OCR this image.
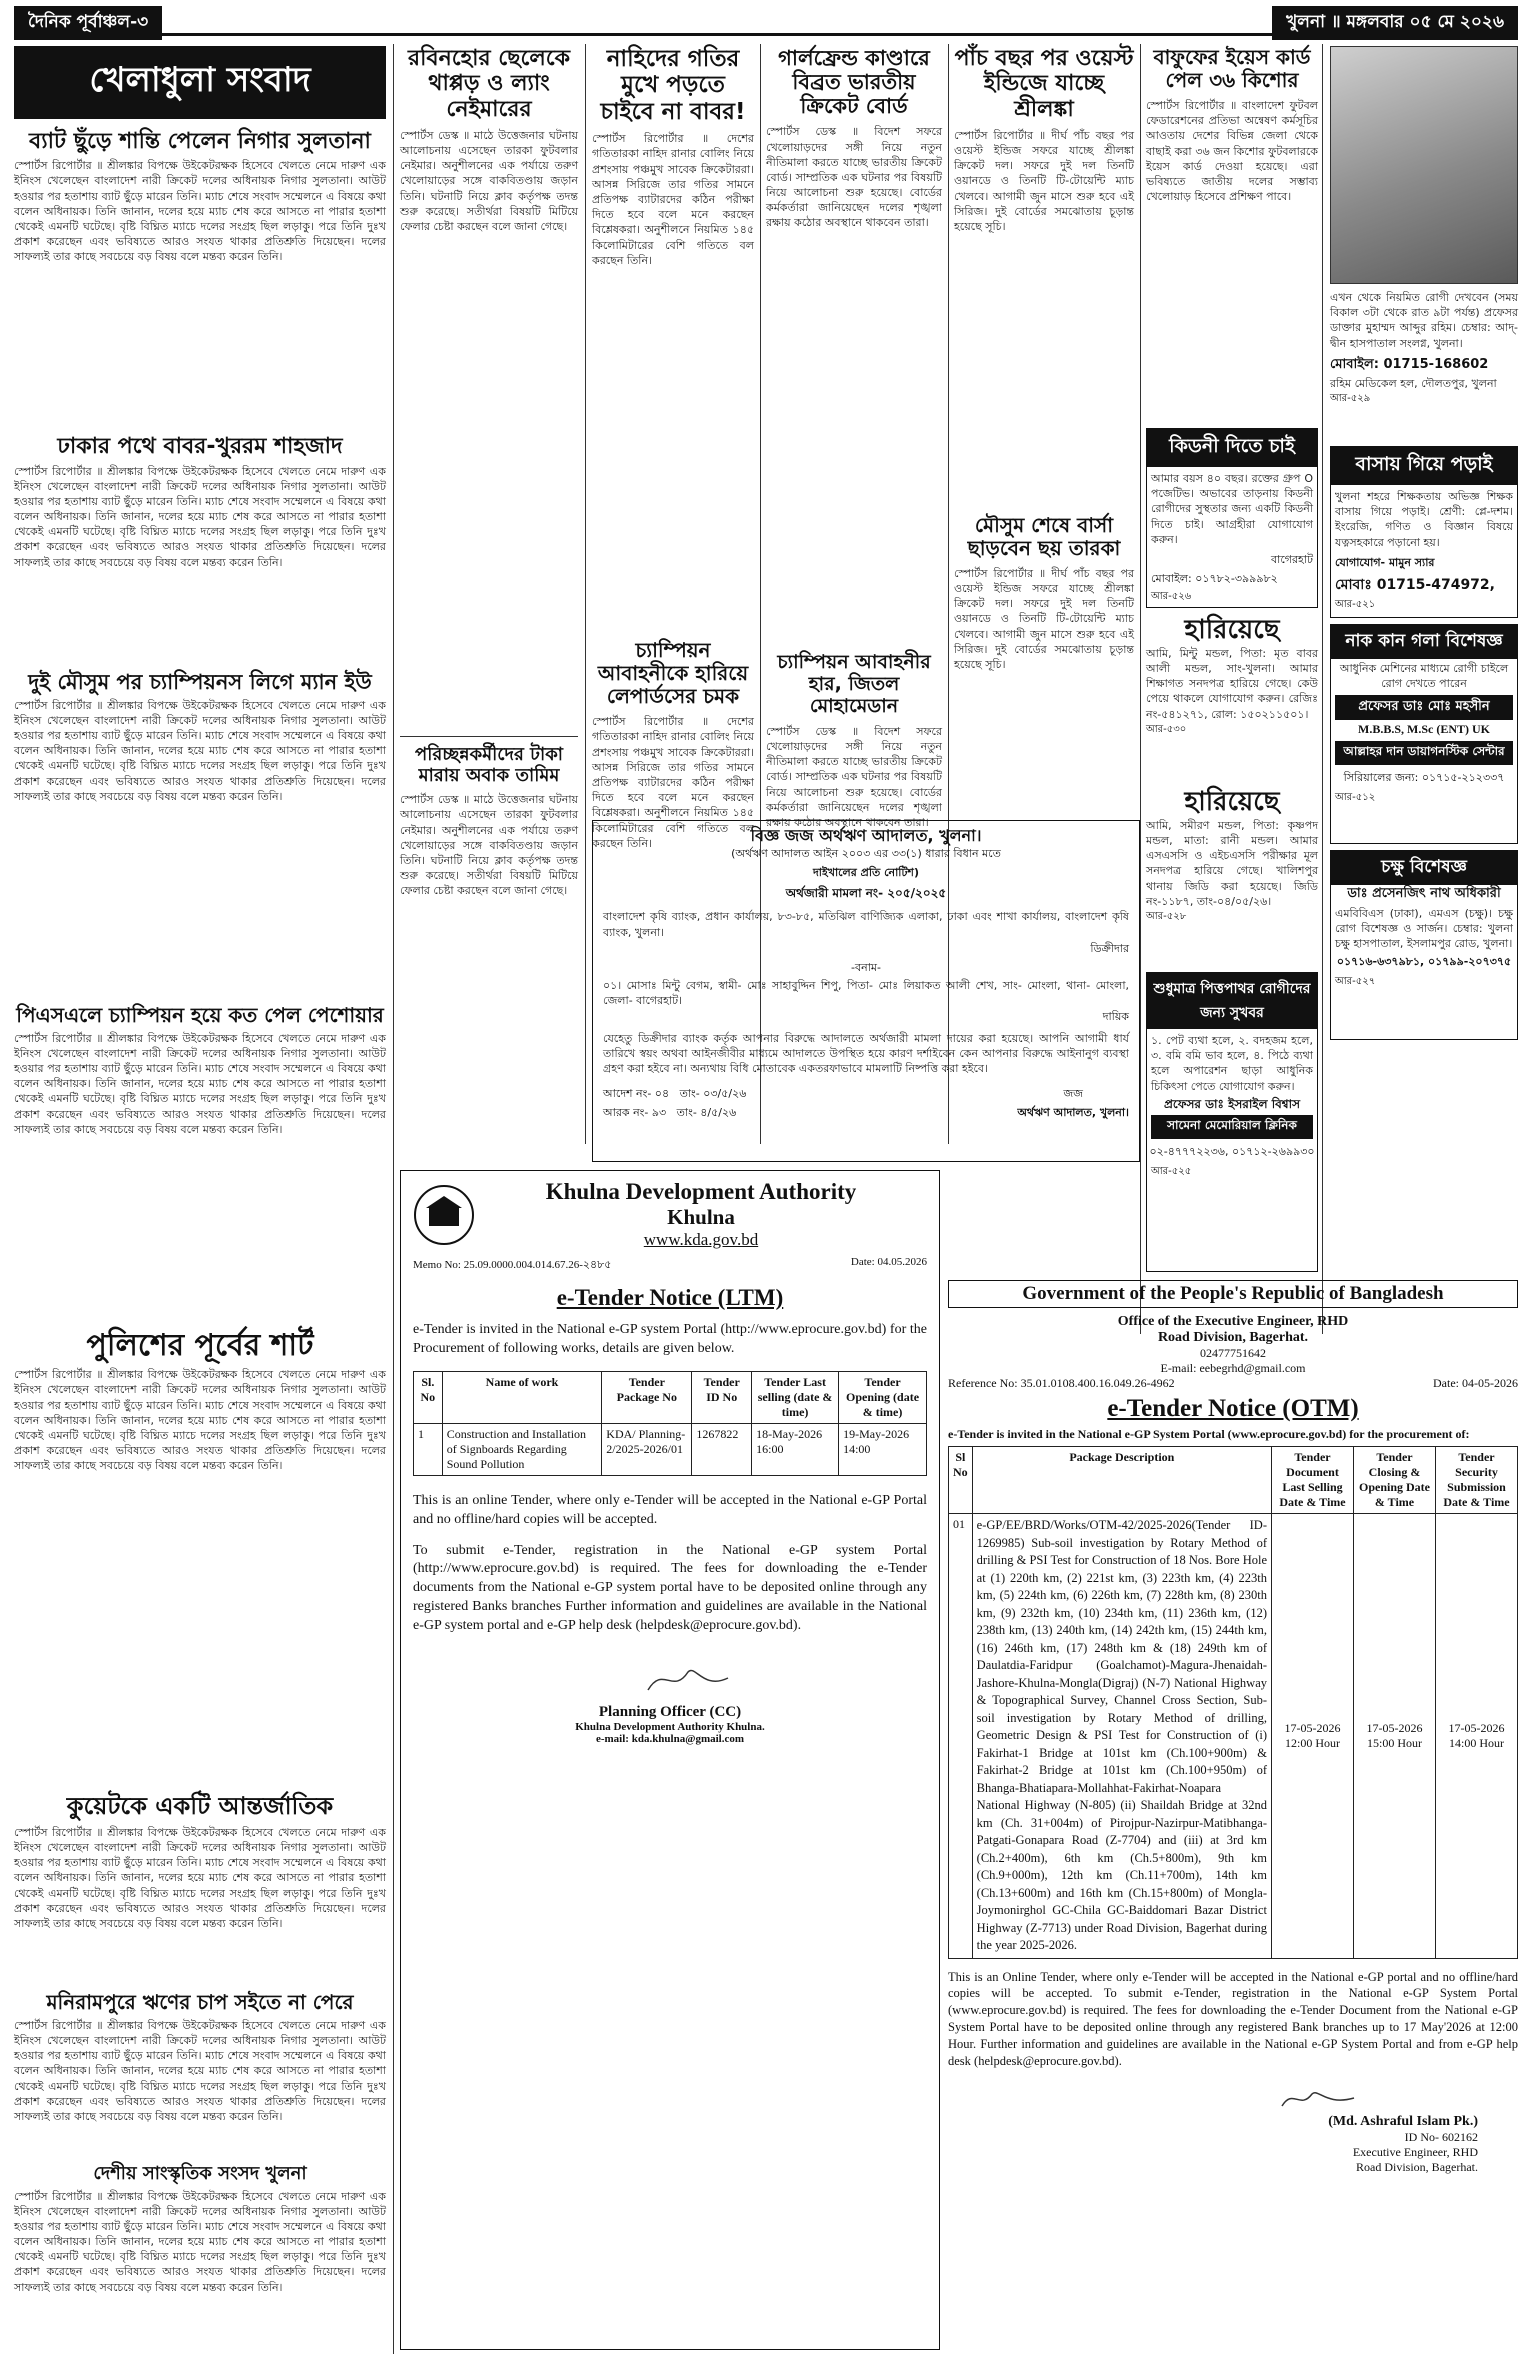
দৈনিক পূর্বাঞ্চল-৩	খুলনা ॥ মঙ্গলবার ০৫ মে ২০২৬
খেলাধুলা সংবাদ
ব্যাট ছুঁড়ে শান্তি পেলেন নিগার সুলতানা
স্পোর্টস রিপোর্টার ॥ শ্রীলঙ্কার বিপক্ষে উইকেটরক্ষক হিসেবে খেলতে নেমে দারুণ এক ইনিংস খেলেছেন বাংলাদেশ নারী ক্রিকেট দলের অধিনায়ক নিগার সুলতানা। আউট হওয়ার পর হতাশায় ব্যাট ছুঁড়ে মারেন তিনি। ম্যাচ শেষে সংবাদ সম্মেলনে এ বিষয়ে কথা বলেন অধিনায়ক। তিনি জানান, দলের হয়ে ম্যাচ শেষ করে আসতে না পারার হতাশা থেকেই এমনটি ঘটেছে। বৃষ্টি বিঘ্নিত ম্যাচে দলের সংগ্রহ ছিল লড়াকু। পরে তিনি দুঃখ প্রকাশ করেছেন এবং ভবিষ্যতে আরও সংযত থাকার প্রতিশ্রুতি দিয়েছেন। দলের সাফল্যই তার কাছে সবচেয়ে বড় বিষয় বলে মন্তব্য করেন তিনি।
ঢাকার পথে বাবর-খুররম শাহজাদ
স্পোর্টস রিপোর্টার ॥ শ্রীলঙ্কার বিপক্ষে উইকেটরক্ষক হিসেবে খেলতে নেমে দারুণ এক ইনিংস খেলেছেন বাংলাদেশ নারী ক্রিকেট দলের অধিনায়ক নিগার সুলতানা। আউট হওয়ার পর হতাশায় ব্যাট ছুঁড়ে মারেন তিনি। ম্যাচ শেষে সংবাদ সম্মেলনে এ বিষয়ে কথা বলেন অধিনায়ক। তিনি জানান, দলের হয়ে ম্যাচ শেষ করে আসতে না পারার হতাশা থেকেই এমনটি ঘটেছে। বৃষ্টি বিঘ্নিত ম্যাচে দলের সংগ্রহ ছিল লড়াকু। পরে তিনি দুঃখ প্রকাশ করেছেন এবং ভবিষ্যতে আরও সংযত থাকার প্রতিশ্রুতি দিয়েছেন। দলের সাফল্যই তার কাছে সবচেয়ে বড় বিষয় বলে মন্তব্য করেন তিনি।
দুই মৌসুম পর চ্যাম্পিয়নস লিগে ম্যান ইউ
স্পোর্টস রিপোর্টার ॥ শ্রীলঙ্কার বিপক্ষে উইকেটরক্ষক হিসেবে খেলতে নেমে দারুণ এক ইনিংস খেলেছেন বাংলাদেশ নারী ক্রিকেট দলের অধিনায়ক নিগার সুলতানা। আউট হওয়ার পর হতাশায় ব্যাট ছুঁড়ে মারেন তিনি। ম্যাচ শেষে সংবাদ সম্মেলনে এ বিষয়ে কথা বলেন অধিনায়ক। তিনি জানান, দলের হয়ে ম্যাচ শেষ করে আসতে না পারার হতাশা থেকেই এমনটি ঘটেছে। বৃষ্টি বিঘ্নিত ম্যাচে দলের সংগ্রহ ছিল লড়াকু। পরে তিনি দুঃখ প্রকাশ করেছেন এবং ভবিষ্যতে আরও সংযত থাকার প্রতিশ্রুতি দিয়েছেন। দলের সাফল্যই তার কাছে সবচেয়ে বড় বিষয় বলে মন্তব্য করেন তিনি।
পিএসএলে চ্যাম্পিয়ন হয়ে কত পেল পেশোয়ার
স্পোর্টস রিপোর্টার ॥ শ্রীলঙ্কার বিপক্ষে উইকেটরক্ষক হিসেবে খেলতে নেমে দারুণ এক ইনিংস খেলেছেন বাংলাদেশ নারী ক্রিকেট দলের অধিনায়ক নিগার সুলতানা। আউট হওয়ার পর হতাশায় ব্যাট ছুঁড়ে মারেন তিনি। ম্যাচ শেষে সংবাদ সম্মেলনে এ বিষয়ে কথা বলেন অধিনায়ক। তিনি জানান, দলের হয়ে ম্যাচ শেষ করে আসতে না পারার হতাশা থেকেই এমনটি ঘটেছে। বৃষ্টি বিঘ্নিত ম্যাচে দলের সংগ্রহ ছিল লড়াকু। পরে তিনি দুঃখ প্রকাশ করেছেন এবং ভবিষ্যতে আরও সংযত থাকার প্রতিশ্রুতি দিয়েছেন। দলের সাফল্যই তার কাছে সবচেয়ে বড় বিষয় বলে মন্তব্য করেন তিনি।
পুলিশের পূর্বের শার্ট
স্পোর্টস রিপোর্টার ॥ শ্রীলঙ্কার বিপক্ষে উইকেটরক্ষক হিসেবে খেলতে নেমে দারুণ এক ইনিংস খেলেছেন বাংলাদেশ নারী ক্রিকেট দলের অধিনায়ক নিগার সুলতানা। আউট হওয়ার পর হতাশায় ব্যাট ছুঁড়ে মারেন তিনি। ম্যাচ শেষে সংবাদ সম্মেলনে এ বিষয়ে কথা বলেন অধিনায়ক। তিনি জানান, দলের হয়ে ম্যাচ শেষ করে আসতে না পারার হতাশা থেকেই এমনটি ঘটেছে। বৃষ্টি বিঘ্নিত ম্যাচে দলের সংগ্রহ ছিল লড়াকু। পরে তিনি দুঃখ প্রকাশ করেছেন এবং ভবিষ্যতে আরও সংযত থাকার প্রতিশ্রুতি দিয়েছেন। দলের সাফল্যই তার কাছে সবচেয়ে বড় বিষয় বলে মন্তব্য করেন তিনি।
কুয়েটকে একটি আন্তর্জাতিক
স্পোর্টস রিপোর্টার ॥ শ্রীলঙ্কার বিপক্ষে উইকেটরক্ষক হিসেবে খেলতে নেমে দারুণ এক ইনিংস খেলেছেন বাংলাদেশ নারী ক্রিকেট দলের অধিনায়ক নিগার সুলতানা। আউট হওয়ার পর হতাশায় ব্যাট ছুঁড়ে মারেন তিনি। ম্যাচ শেষে সংবাদ সম্মেলনে এ বিষয়ে কথা বলেন অধিনায়ক। তিনি জানান, দলের হয়ে ম্যাচ শেষ করে আসতে না পারার হতাশা থেকেই এমনটি ঘটেছে। বৃষ্টি বিঘ্নিত ম্যাচে দলের সংগ্রহ ছিল লড়াকু। পরে তিনি দুঃখ প্রকাশ করেছেন এবং ভবিষ্যতে আরও সংযত থাকার প্রতিশ্রুতি দিয়েছেন। দলের সাফল্যই তার কাছে সবচেয়ে বড় বিষয় বলে মন্তব্য করেন তিনি।
মনিরামপুরে ঋণের চাপ সইতে না পেরে
স্পোর্টস রিপোর্টার ॥ শ্রীলঙ্কার বিপক্ষে উইকেটরক্ষক হিসেবে খেলতে নেমে দারুণ এক ইনিংস খেলেছেন বাংলাদেশ নারী ক্রিকেট দলের অধিনায়ক নিগার সুলতানা। আউট হওয়ার পর হতাশায় ব্যাট ছুঁড়ে মারেন তিনি। ম্যাচ শেষে সংবাদ সম্মেলনে এ বিষয়ে কথা বলেন অধিনায়ক। তিনি জানান, দলের হয়ে ম্যাচ শেষ করে আসতে না পারার হতাশা থেকেই এমনটি ঘটেছে। বৃষ্টি বিঘ্নিত ম্যাচে দলের সংগ্রহ ছিল লড়াকু। পরে তিনি দুঃখ প্রকাশ করেছেন এবং ভবিষ্যতে আরও সংযত থাকার প্রতিশ্রুতি দিয়েছেন। দলের সাফল্যই তার কাছে সবচেয়ে বড় বিষয় বলে মন্তব্য করেন তিনি।
দেশীয় সাংস্কৃতিক সংসদ খুলনা
স্পোর্টস রিপোর্টার ॥ শ্রীলঙ্কার বিপক্ষে উইকেটরক্ষক হিসেবে খেলতে নেমে দারুণ এক ইনিংস খেলেছেন বাংলাদেশ নারী ক্রিকেট দলের অধিনায়ক নিগার সুলতানা। আউট হওয়ার পর হতাশায় ব্যাট ছুঁড়ে মারেন তিনি। ম্যাচ শেষে সংবাদ সম্মেলনে এ বিষয়ে কথা বলেন অধিনায়ক। তিনি জানান, দলের হয়ে ম্যাচ শেষ করে আসতে না পারার হতাশা থেকেই এমনটি ঘটেছে। বৃষ্টি বিঘ্নিত ম্যাচে দলের সংগ্রহ ছিল লড়াকু। পরে তিনি দুঃখ প্রকাশ করেছেন এবং ভবিষ্যতে আরও সংযত থাকার প্রতিশ্রুতি দিয়েছেন। দলের সাফল্যই তার কাছে সবচেয়ে বড় বিষয় বলে মন্তব্য করেন তিনি।
রবিনহোর ছেলেকে থাপ্পড় ও ল্যাং নেইমারের
স্পোর্টস ডেস্ক ॥ মাঠে উত্তেজনার ঘটনায় আলোচনায় এসেছেন তারকা ফুটবলার নেইমার। অনুশীলনের এক পর্যায়ে তরুণ খেলোয়াড়ের সঙ্গে বাকবিতণ্ডায় জড়ান তিনি। ঘটনাটি নিয়ে ক্লাব কর্তৃপক্ষ তদন্ত শুরু করেছে। সতীর্থরা বিষয়টি মিটিয়ে ফেলার চেষ্টা করছেন বলে জানা গেছে।
পরিচ্ছন্নকর্মীদের টাকা মারায় অবাক তামিম
স্পোর্টস ডেস্ক ॥ মাঠে উত্তেজনার ঘটনায় আলোচনায় এসেছেন তারকা ফুটবলার নেইমার। অনুশীলনের এক পর্যায়ে তরুণ খেলোয়াড়ের সঙ্গে বাকবিতণ্ডায় জড়ান তিনি। ঘটনাটি নিয়ে ক্লাব কর্তৃপক্ষ তদন্ত শুরু করেছে। সতীর্থরা বিষয়টি মিটিয়ে ফেলার চেষ্টা করছেন বলে জানা গেছে।
নাহিদের গতির মুখে পড়তে চাইবে না বাবর!
স্পোর্টস রিপোর্টার ॥ দেশের গতিতারকা নাহিদ রানার বোলিং নিয়ে প্রশংসায় পঞ্চমুখ সাবেক ক্রিকেটাররা। আসন্ন সিরিজে তার গতির সামনে প্রতিপক্ষ ব্যাটারদের কঠিন পরীক্ষা দিতে হবে বলে মনে করছেন বিশ্লেষকরা। অনুশীলনে নিয়মিত ১৪৫ কিলোমিটারের বেশি গতিতে বল করছেন তিনি।
চ্যাম্পিয়ন আবাহনীকে হারিয়ে লেপার্ডসের চমক
স্পোর্টস রিপোর্টার ॥ দেশের গতিতারকা নাহিদ রানার বোলিং নিয়ে প্রশংসায় পঞ্চমুখ সাবেক ক্রিকেটাররা। আসন্ন সিরিজে তার গতির সামনে প্রতিপক্ষ ব্যাটারদের কঠিন পরীক্ষা দিতে হবে বলে মনে করছেন বিশ্লেষকরা। অনুশীলনে নিয়মিত ১৪৫ কিলোমিটারের বেশি গতিতে বল করছেন তিনি।
গার্লফ্রেন্ড কাণ্ডারে বিব্রত ভারতীয় ক্রিকেট বোর্ড
স্পোর্টস ডেস্ক ॥ বিদেশ সফরে খেলোয়াড়দের সঙ্গী নিয়ে নতুন নীতিমালা করতে যাচ্ছে ভারতীয় ক্রিকেট বোর্ড। সাম্প্রতিক এক ঘটনার পর বিষয়টি নিয়ে আলোচনা শুরু হয়েছে। বোর্ডের কর্মকর্তারা জানিয়েছেন দলের শৃঙ্খলা রক্ষায় কঠোর অবস্থানে থাকবেন তারা।
চ্যাম্পিয়ন আবাহনীর হার, জিতল মোহামেডান
স্পোর্টস ডেস্ক ॥ বিদেশ সফরে খেলোয়াড়দের সঙ্গী নিয়ে নতুন নীতিমালা করতে যাচ্ছে ভারতীয় ক্রিকেট বোর্ড। সাম্প্রতিক এক ঘটনার পর বিষয়টি নিয়ে আলোচনা শুরু হয়েছে। বোর্ডের কর্মকর্তারা জানিয়েছেন দলের শৃঙ্খলা রক্ষায় কঠোর অবস্থানে থাকবেন তারা।
বিজ্ঞ জজ অর্থঋণ আদালত, খুলনা।
(অর্থঋণ আদালত আইন ২০০৩ এর ৩৩(১) ধারার বিধান মতে
দাইখালের প্রতি নোটিশ)
অর্থজারী মামলা নং- ২০৫/২০২৫
বাংলাদেশ কৃষি ব্যাংক, প্রধান কার্যালয়, ৮৩-৮৫, মতিঝিল বাণিজ্যিক এলাকা, ঢাকা এবং শাখা কার্যালয়, বাংলাদেশ কৃষি ব্যাংক, খুলনা।
ডিক্রীদার
-বনাম-
০১। মোসাঃ মিন্টু বেগম, স্বামী- মোঃ সাহাবুদ্দিন শিপু, পিতা- মোঃ লিয়াকত আলী শেখ, সাং- মোংলা, থানা- মোংলা, জেলা- বাগেরহাট।
দায়িক
যেহেতু ডিক্রীদার ব্যাংক কর্তৃক আপনার বিরুদ্ধে আদালতে অর্থজারী মামলা দায়ের করা হয়েছে। আপনি আগামী ধার্য তারিখে স্বয়ং অথবা আইনজীবীর মাধ্যমে আদালতে উপস্থিত হয়ে কারণ দর্শাইবেন কেন আপনার বিরুদ্ধে আইনানুগ ব্যবস্থা গ্রহণ করা হইবে না। অন্যথায় বিধি মোতাবেক একতরফাভাবে মামলাটি নিষ্পত্তি করা হইবে।
আদেশ নং- ০৪ তাং- ০৩/৫/২৬
আরক নং- ৯৩ তাং- ৪/৫/২৬
জজ
অর্থঋণ আদালত, খুলনা।
পাঁচ বছর পর ওয়েস্ট ইন্ডিজে যাচ্ছে শ্রীলঙ্কা
স্পোর্টস রিপোর্টার ॥ দীর্ঘ পাঁচ বছর পর ওয়েস্ট ইন্ডিজ সফরে যাচ্ছে শ্রীলঙ্কা ক্রিকেট দল। সফরে দুই দল তিনটি ওয়ানডে ও তিনটি টি-টোয়েন্টি ম্যাচ খেলবে। আগামী জুন মাসে শুরু হবে এই সিরিজ। দুই বোর্ডের সমঝোতায় চূড়ান্ত হয়েছে সূচি।
মৌসুম শেষে বার্সা ছাড়বেন ছয় তারকা
স্পোর্টস রিপোর্টার ॥ দীর্ঘ পাঁচ বছর পর ওয়েস্ট ইন্ডিজ সফরে যাচ্ছে শ্রীলঙ্কা ক্রিকেট দল। সফরে দুই দল তিনটি ওয়ানডে ও তিনটি টি-টোয়েন্টি ম্যাচ খেলবে। আগামী জুন মাসে শুরু হবে এই সিরিজ। দুই বোর্ডের সমঝোতায় চূড়ান্ত হয়েছে সূচি।
বাফুফের ইয়েস কার্ড পেল ৩৬ কিশোর
স্পোর্টস রিপোর্টার ॥ বাংলাদেশ ফুটবল ফেডারেশনের প্রতিভা অন্বেষণ কর্মসূচির আওতায় দেশের বিভিন্ন জেলা থেকে বাছাই করা ৩৬ জন কিশোর ফুটবলারকে ইয়েস কার্ড দেওয়া হয়েছে। এরা ভবিষ্যতে জাতীয় দলের সম্ভাব্য খেলোয়াড় হিসেবে প্রশিক্ষণ পাবে।
কিডনী দিতে চাই
আমার বয়স ৪০ বছর। রক্তের গ্রুপ O পজেটিভ। অভাবের তাড়নায় কিডনী রোগীদের সুস্থতার জন্য একটি কিডনী দিতে চাই। আগ্রহীরা যোগাযোগ করুন।
বাগেরহাট
মোবাইল: ০১৭৮২-৩৯৯৯৮২
আর-৫২৬
হারিয়েছে
আমি, মিন্টু মন্ডল, পিতা: মৃত বাবর আলী মন্ডল, সাং-খুলনা। আমার শিক্ষাগত সনদপত্র হারিয়ে গেছে। কেউ পেয়ে থাকলে যোগাযোগ করুন। রেজিঃ নং-৫৪১২৭১, রোল: ১৫০২১১৫০১।
আর-৫৩০
হারিয়েছে
আমি, সমীরণ মন্ডল, পিতা: কৃষ্ণপদ মন্ডল, মাতা: রানী মন্ডল। আমার এসএসসি ও এইচএসসি পরীক্ষার মূল সনদপত্র হারিয়ে গেছে। খালিশপুর থানায় জিডি করা হয়েছে। জিডি নং-১১৮৭, তাং-০৪/০৫/২৬।
আর-৫২৮
শুধুমাত্র পিত্তপাথর রোগীদের জন্য সুখবর
১. পেট ব্যথা হলে, ২. বদহজম হলে, ৩. বমি বমি ভাব হলে, ৪. পিঠে ব্যথা হলে অপারেশন ছাড়া আধুনিক চিকিৎসা পেতে যোগাযোগ করুন।
প্রফেসর ডাঃ ইসরাইল বিশ্বাস
সামেনা মেমোরিয়াল ক্লিনিক
০২-৪৭৭৭২২৩৬, ০১৭১২-২৬৯৯৩০
আর-৫২৫
এখন থেকে নিয়মিত রোগী দেখবেন (সময় বিকাল ৩টা থেকে রাত ৯টা পর্যন্ত) প্রফেসর ডাক্তার মুহাম্মদ আব্দুর রহিম। চেম্বার: আদ্-দ্বীন হাসপাতাল সংলগ্ন, খুলনা।
মোবাইল: 01715-168602
রহিম মেডিকেল হল, দৌলতপুর, খুলনা
আর-৫২৯
বাসায় গিয়ে পড়াই
খুলনা শহরে শিক্ষকতায় অভিজ্ঞ শিক্ষক বাসায় গিয়ে পড়াই। শ্রেণী: প্লে-দশম। ইংরেজি, গণিত ও বিজ্ঞান বিষয়ে যত্নসহকারে পড়ানো হয়।
যোগাযোগ- মামুন স্যার
মোবাঃ 01715-474972,
আর-৫২১
নাক কান গলা বিশেষজ্ঞ
আধুনিক মেশিনের মাধ্যমে রোগী চাইলে রোগ দেখতে পারেন
প্রফেসর ডাঃ মোঃ মহসীন
M.B.B.S, M.Sc (ENT) UK
আল্লাহর দান ডায়াগনস্টিক সেন্টার
সিরিয়ালের জন্য: ০১৭১৫-২১২৩৩৭
আর-৫১২
চক্ষু বিশেষজ্ঞ
ডাঃ প্রসেনজিৎ নাথ অধিকারী
এমবিবিএস (ঢাকা), এমএস (চক্ষু)। চক্ষু রোগ বিশেষজ্ঞ ও সার্জন। চেম্বার: খুলনা চক্ষু হাসপাতাল, ইসলামপুর রোড, খুলনা।
০১৭১৬-৬৩৭৯৮১, ০১৭৯৯-২০৭৩৭৫
আর-৫২৭
Khulna Development Authority
Khulna
www.kda.gov.bd
Memo No: 25.09.0000.004.014.67.26-২৪৮৫	Date: 04.05.2026
e-Tender Notice (LTM)
e-Tender is invited in the National e-GP system Portal (http://www.eprocure.gov.bd) for the Procurement of following works, details are given below.
Sl. No	Name of work	Tender Package No	Tender ID No	Tender Last selling (date & time)	Tender Opening (date & time)
1	Construction and Installation of Signboards Regarding Sound Pollution	KDA/ Planning-2/2025-2026/01	1267822	18-May-2026 16:00	19-May-2026 14:00
This is an online Tender, where only e-Tender will be accepted in the National e-GP Portal and no offline/hard copies will be accepted.
To submit e-Tender, registration in the National e-GP system Portal (http://www.eprocure.gov.bd) is required. The fees for downloading the e-Tender documents from the National e-GP system portal have to be deposited online through any registered Banks branches Further information and guidelines are available in the National e-GP system portal and e-GP help desk (helpdesk@eprocure.gov.bd).
Planning Officer (CC)
Khulna Development Authority Khulna.
e-mail: kda.khulna@gmail.com
Government of the People's Republic of Bangladesh
Office of the Executive Engineer, RHD
Road Division, Bagerhat.
02477751642
E-mail: eebegrhd@gmail.com
Reference No: 35.01.0108.400.16.049.26-4962	Date: 04-05-2026
e-Tender Notice (OTM)
e-Tender is invited in the National e-GP System Portal (www.eprocure.gov.bd) for the procurement of:
Sl No	Package Description	Tender Document Last Selling Date & Time	Tender Closing & Opening Date & Time	Tender Security Submission Date & Time
01	e-GP/EE/BRD/Works/OTM-42/2025-2026(Tender ID-1269985) Sub-soil investigation by Rotary Method of drilling & PSI Test for Construction of 18 Nos. Bore Hole at (1) 220th km, (2) 221st km, (3) 223th km, (4) 223th km, (5) 224th km, (6) 226th km, (7) 228th km, (8) 230th km, (9) 232th km, (10) 234th km, (11) 236th km, (12) 238th km, (13) 240th km, (14) 242th km, (15) 244th km, (16) 246th km, (17) 248th km & (18) 249th km of Daulatdia-Faridpur (Goalchamot)-Magura-Jhenaidah-Jashore-Khulna-Mongla(Digraj) (N-7) National Highway & Topographical Survey, Channel Cross Section, Sub-soil investigation by Rotary Method of drilling, Geometric Design & PSI Test for Construction of (i) Fakirhat-1 Bridge at 101st km (Ch.100+900m) & Fakirhat-2 Bridge at 101st km (Ch.100+950m) of Bhanga-Bhatiapara-Mollahhat-Fakirhat-Noapara National Highway (N-805) (ii) Shaildah Bridge at 32nd km (Ch. 31+004m) of Pirojpur-Nazirpur-Matibhanga-Patgati-Gonapara Road (Z-7704) and (iii) at 3rd km (Ch.2+400m), 6th km (Ch.5+800m), 9th km (Ch.9+000m), 12th km (Ch.11+700m), 14th km (Ch.13+600m) and 16th km (Ch.15+800m) of Mongla-Joymonirghol GC-Chila GC-Baiddomari Bazar District Highway (Z-7713) under Road Division, Bagerhat during the year 2025-2026.	17-05-2026 12:00 Hour	17-05-2026 15:00 Hour	17-05-2026 14:00 Hour
This is an Online Tender, where only e-Tender will be accepted in the National e-GP portal and no offline/hard copies will be accepted. To submit e-Tender, registration in the National e-GP System Portal (www.eprocure.gov.bd) is required. The fees for downloading the e-Tender Document from the National e-GP System Portal have to be deposited online through any registered Bank branches up to 17 May'2026 at 12:00 Hour. Further information and guidelines are available in the National e-GP System Portal and from e-GP help desk (helpdesk@eprocure.gov.bd).
(Md. Ashraful Islam Pk.)
ID No- 602162
Executive Engineer, RHD
Road Division, Bagerhat.
